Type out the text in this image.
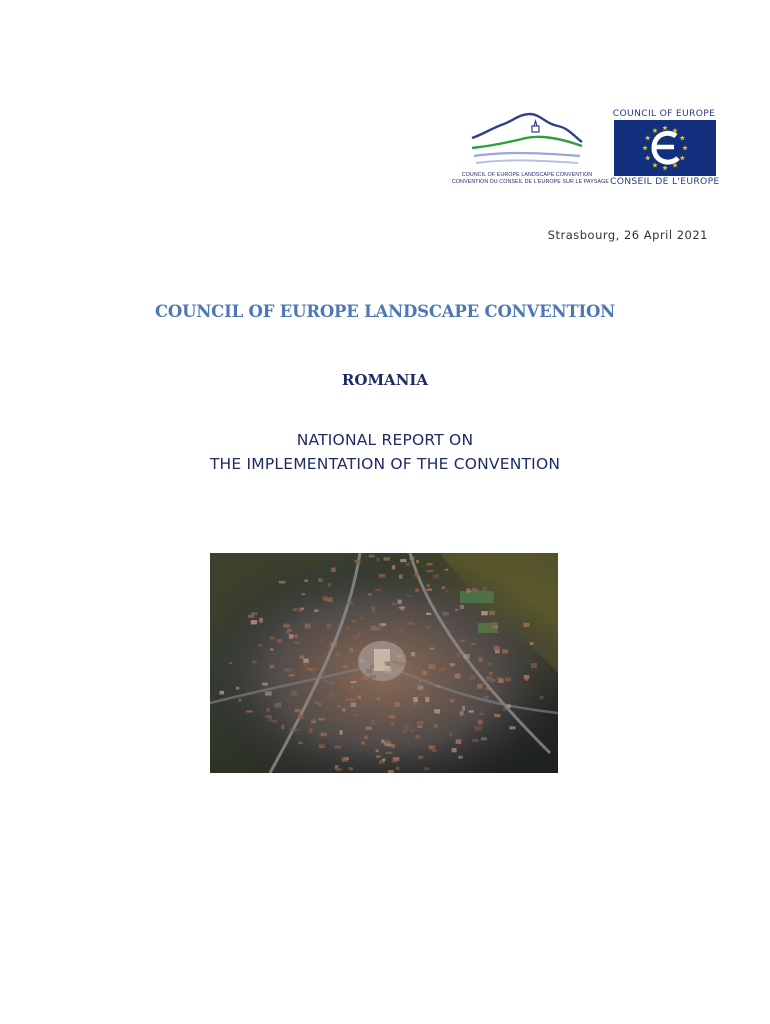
COUNCIL OF EUROPE LANDSCAPE CONVENTION
CONVENTION DU CONSEIL DE L'EUROPE SUR LE PAYSAGE
COUNCIL OF EUROPE
CONSEIL DE L'EUROPE
Strasbourg, 26 April 2021
COUNCIL OF EUROPE LANDSCAPE CONVENTION
ROMANIA
NATIONAL REPORT ON
THE IMPLEMENTATION OF THE CONVENTION
